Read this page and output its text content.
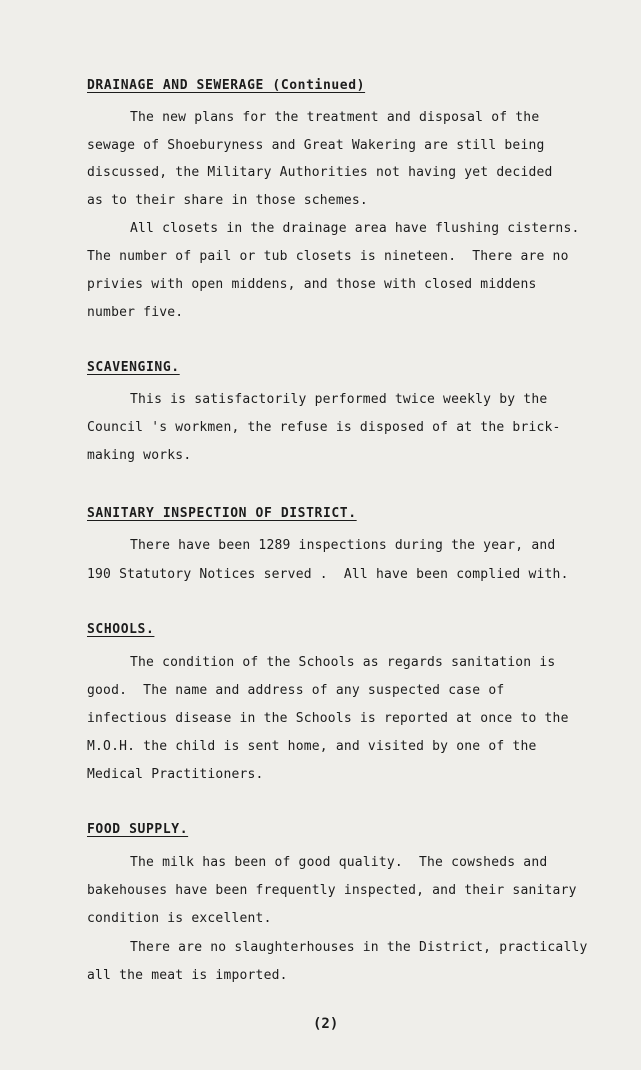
DRAINAGE AND SEWERAGE (Continued)
The new plans for the treatment and disposal of the
sewage of Shoeburyness and Great Wakering are still being
discussed, the Military Authorities not having yet decided
as to their share in those schemes.
All closets in the drainage area have flushing cisterns.
The number of pail or tub closets is nineteen.  There are no
privies with open middens, and those with closed middens
number five.
SCAVENGING.
This is satisfactorily performed twice weekly by the
Council 's workmen, the refuse is disposed of at the brick-
making works.
SANITARY INSPECTION OF DISTRICT.
There have been 1289 inspections during the year, and
190 Statutory Notices served .  All have been complied with.
SCHOOLS.
The condition of the Schools as regards sanitation is
good.  The name and address of any suspected case of
infectious disease in the Schools is reported at once to the
M.O.H. the child is sent home, and visited by one of the
Medical Practitioners.
FOOD SUPPLY.
The milk has been of good quality.  The cowsheds and
bakehouses have been frequently inspected, and their sanitary
condition is excellent.
There are no slaughterhouses in the District, practically
all the meat is imported.
(2)
